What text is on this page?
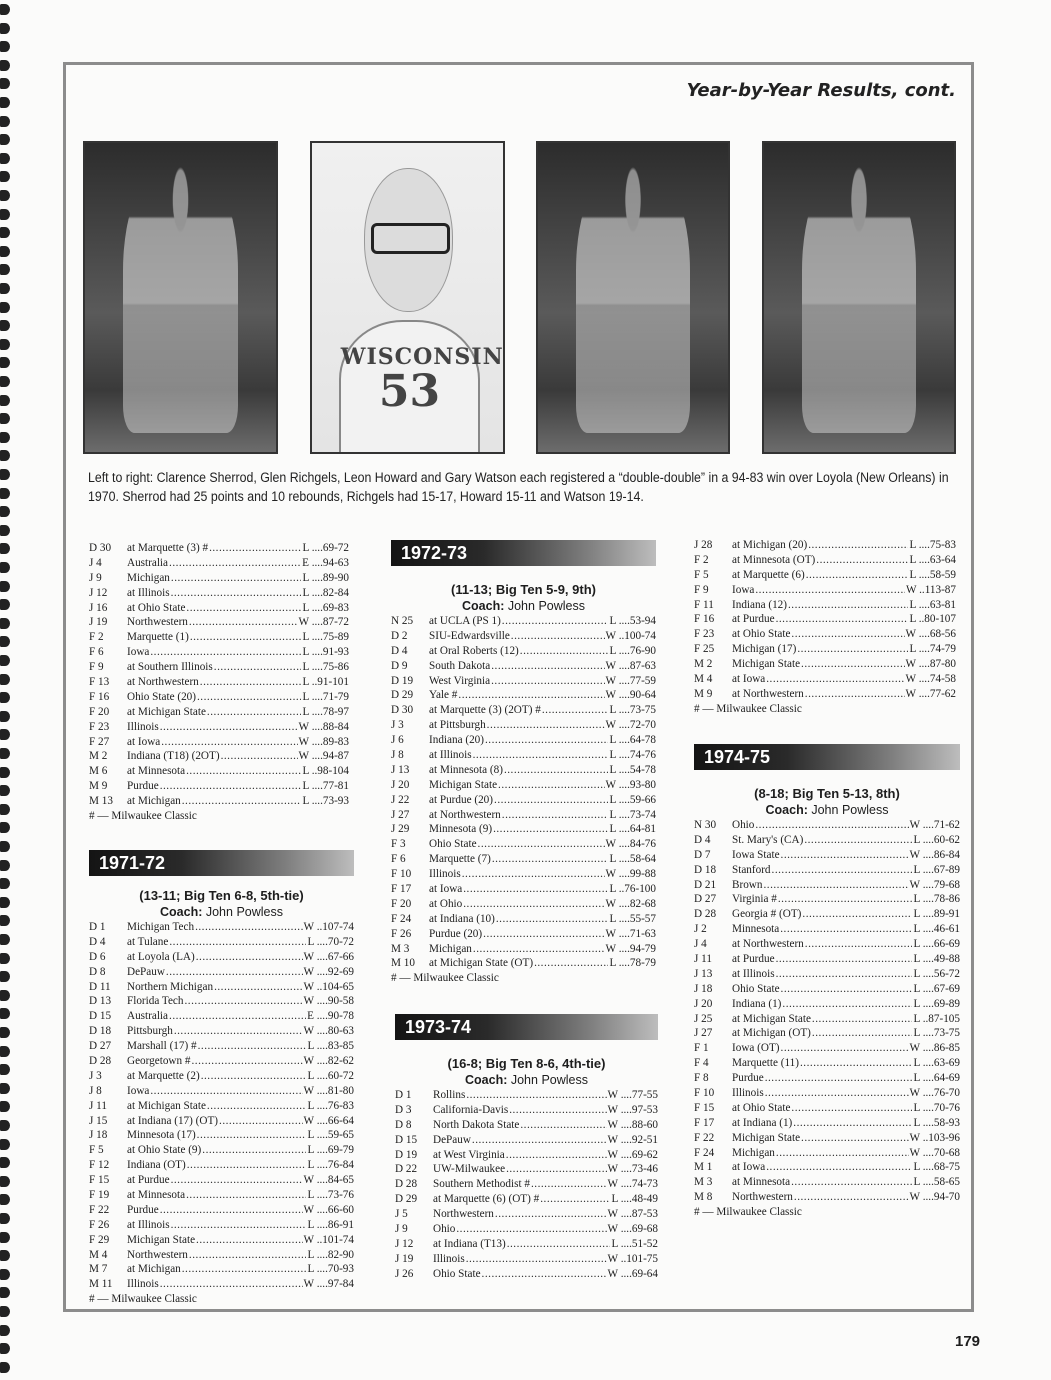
Year-by-Year Results, cont.
WISCONSIN
53
Left to right: Clarence Sherrod, Glen Richgels, Leon Howard and Gary Watson each registered a “double-double” in a 94-83 win over Loyola (New Orleans) in 1970. Sherrod had 25 points and 10 rebounds, Richgels had 15-17, Howard 15-11 and Watson 19-14.
D 30	at Marquette (3) # .....	L ....69-72
J 4	Australia .....	E ....94-63
J 9	Michigan .....	L ....89-90
J 12	at Illinois .....	L ....82-84
J 16	at Ohio State .....	L ....69-83
J 19	Northwestern .....	W ....87-72
F 2	Marquette (1) .....	L ....75-89
F 6	Iowa .....	L ....91-93
F 9	at Southern Illinois .....	L ....75-86
F 13	at Northwestern .....	L ..91-101
F 16	Ohio State (20) .....	L ....71-79
F 20	at Michigan State .....	L ....78-97
F 23	Illinois .....	W ....88-84
F 27	at Iowa .....	W ....89-83
M 2	Indiana (T18) (2OT) .....	W ....94-87
M 6	at Minnesota .....	L ..98-104
M 9	Purdue .....	L ....77-81
M 13	at Michigan .....	L ....73-93
# — Milwaukee Classic
1971-72
(13-11; Big Ten 6-8, 5th-tie)
Coach: John Powless
D 1	Michigan Tech .....	W ..107-74
D 4	at Tulane .....	L ....70-72
D 6	at Loyola (LA) .....	W ....67-66
D 8	DePauw .....	W ....92-69
D 11	Northern Michigan .....	W ..104-65
D 13	Florida Tech .....	W ....90-58
D 15	Australia .....	E ....90-78
D 18	Pittsburgh .....	W ....80-63
D 27	Marshall (17) # .....	L ....83-85
D 28	Georgetown # .....	W ....82-62
J 3	at Marquette (2) .....	L ....60-72
J 8	Iowa .....	W ....81-80
J 11	at Michigan State .....	L ....76-83
J 15	at Indiana (17) (OT) .....	W ....66-64
J 18	Minnesota (17) .....	L ....59-65
F 5	at Ohio State (9) .....	L ....69-79
F 12	Indiana (OT) .....	L ....76-84
F 15	at Purdue .....	W ....84-65
F 19	at Minnesota .....	L ....73-76
F 22	Purdue .....	W ....66-60
F 26	at Illinois .....	L ....86-91
F 29	Michigan State .....	W ..101-74
M 4	Northwestern .....	L ....82-90
M 7	at Michigan .....	L ....70-93
M 11	Illinois .....	W ....97-84
# — Milwaukee Classic
1972-73
(11-13; Big Ten 5-9, 9th)
Coach: John Powless
N 25	at UCLA (PS 1) .....	L ....53-94
D 2	SIU-Edwardsville .....	W ..100-74
D 4	at Oral Roberts (12) .....	L ....76-90
D 9	South Dakota .....	W ....87-63
D 19	West Virginia .....	W ....77-59
D 29	Yale # .....	W ....90-64
D 30	at Marquette (3) (2OT) # .....	L ....73-75
J 3	at Pittsburgh .....	W ....72-70
J 6	Indiana (20) .....	L ....64-78
J 8	at Illinois .....	L ....74-76
J 13	at Minnesota (8) .....	L ....54-78
J 20	Michigan State .....	W ....93-80
J 22	at Purdue (20) .....	L ....59-66
J 27	at Northwestern .....	L ....73-74
J 29	Minnesota (9) .....	L ....64-81
F 3	Ohio State .....	W ....84-76
F 6	Marquette (7) .....	L ....58-64
F 10	Illinois .....	W ....99-88
F 17	at Iowa .....	L ..76-100
F 20	at Ohio .....	W ....82-68
F 24	at Indiana (10) .....	L ....55-57
F 26	Purdue (20) .....	W ....71-63
M 3	Michigan .....	W ....94-79
M 10	at Michigan State (OT) .....	L ....78-79
# — Milwaukee Classic
1973-74
(16-8; Big Ten 8-6, 4th-tie)
Coach: John Powless
D 1	Rollins .....	W ....77-55
D 3	California-Davis .....	W ....97-53
D 8	North Dakota State .....	W ....88-60
D 15	DePauw .....	W ....92-51
D 19	at West Virginia .....	W ....69-62
D 22	UW-Milwaukee .....	W ....73-46
D 28	Southern Methodist # .....	W ....74-73
D 29	at Marquette (6) (OT) # .....	L ....48-49
J 5	Northwestern .....	W ....87-53
J 9	Ohio .....	W ....69-68
J 12	at Indiana (T13) .....	L ....51-52
J 19	Illinois .....	W ..101-75
J 26	Ohio State .....	W ....69-64
J 28	at Michigan (20) .....	L ....75-83
F 2	at Minnesota (OT) .....	L ....63-64
F 5	at Marquette (6) .....	L ....58-59
F 9	Iowa .....	W ..113-87
F 11	Indiana (12) .....	L ....63-81
F 16	at Purdue .....	L ..80-107
F 23	at Ohio State .....	W ....68-56
F 25	Michigan (17) .....	L ....74-79
M 2	Michigan State .....	W ....87-80
M 4	at Iowa .....	W ....74-58
M 9	at Northwestern .....	W ....77-62
# — Milwaukee Classic
1974-75
(8-18; Big Ten 5-13, 8th)
Coach: John Powless
N 30	Ohio .....	W ....71-62
D 4	St. Mary's (CA) .....	L ....60-62
D 7	Iowa State .....	W ....86-84
D 18	Stanford .....	L ....67-89
D 21	Brown .....	W ....79-68
D 27	Virginia # .....	L ....78-86
D 28	Georgia # (OT) .....	L ....89-91
J 2	Minnesota .....	L ....46-61
J 4	at Northwestern .....	L ....66-69
J 11	at Purdue .....	L ....49-88
J 13	at Illinois .....	L ....56-72
J 18	Ohio State .....	L ....67-69
J 20	Indiana (1) .....	L ....69-89
J 25	at Michigan State .....	L ..87-105
J 27	at Michigan (OT) .....	L ....73-75
F 1	Iowa (OT) .....	W ....86-85
F 4	Marquette (11) .....	L ....63-69
F 8	Purdue .....	L ....64-69
F 10	Illinois .....	W ....76-70
F 15	at Ohio State .....	L ....70-76
F 17	at Indiana (1) .....	L ....58-93
F 22	Michigan State .....	W ..103-96
F 24	Michigan .....	W ....70-68
M 1	at Iowa .....	L ....68-75
M 3	at Minnesota .....	L ....58-65
M 8	Northwestern .....	W ....94-70
# — Milwaukee Classic
179
